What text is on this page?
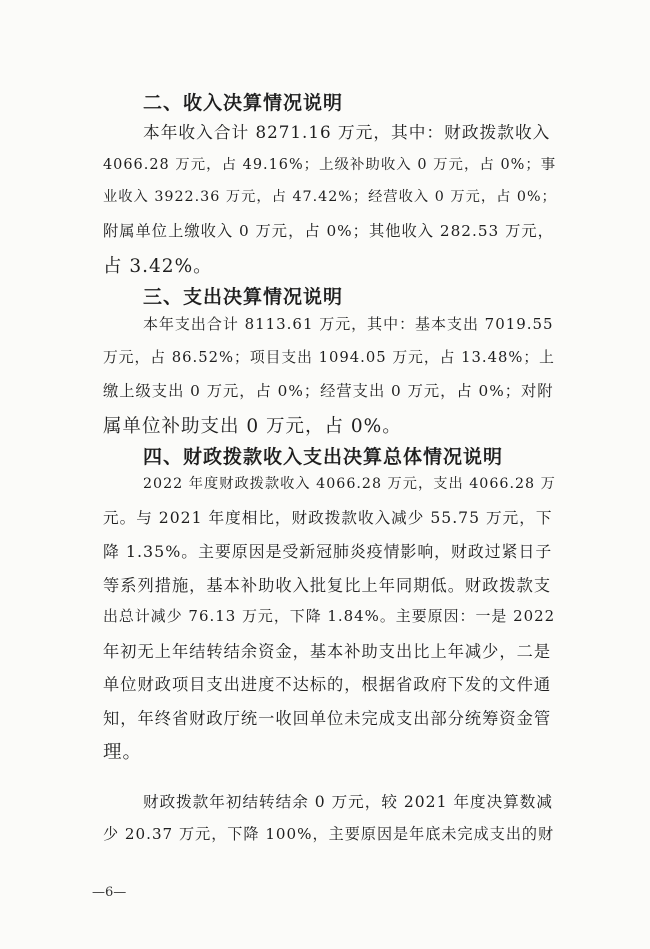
二、收入决算情况说明
本年收入合计 8271.16 万元，其中：财政拨款收入
4066.28 万元，占 49.16%；上级补助收入 0 万元，占 0%；事
业收入 3922.36 万元，占 47.42%；经营收入 0 万元，占 0%；
附属单位上缴收入 0 万元，占 0%；其他收入 282.53 万元，
占 3.42%。
三、支出决算情况说明
本年支出合计 8113.61 万元，其中：基本支出 7019.55
万元，占 86.52%；项目支出 1094.05 万元，占 13.48%；上
缴上级支出 0 万元，占 0%；经营支出 0 万元，占 0%；对附
属单位补助支出 0 万元，占 0%。
四、财政拨款收入支出决算总体情况说明
2022 年度财政拨款收入 4066.28 万元，支出 4066.28 万
元。与 2021 年度相比，财政拨款收入减少 55.75 万元，下
降 1.35%。主要原因是受新冠肺炎疫情影响，财政过紧日子
等系列措施，基本补助收入批复比上年同期低。财政拨款支
出总计减少 76.13 万元，下降 1.84%。主要原因：一是 2022
年初无上年结转结余资金，基本补助支出比上年减少，二是
单位财政项目支出进度不达标的，根据省政府下发的文件通
知，年终省财政厅统一收回单位未完成支出部分统筹资金管
理。
财政拨款年初结转结余 0 万元，较 2021 年度决算数减
少 20.37 万元，下降 100%，主要原因是年底未完成支出的财
—6—
